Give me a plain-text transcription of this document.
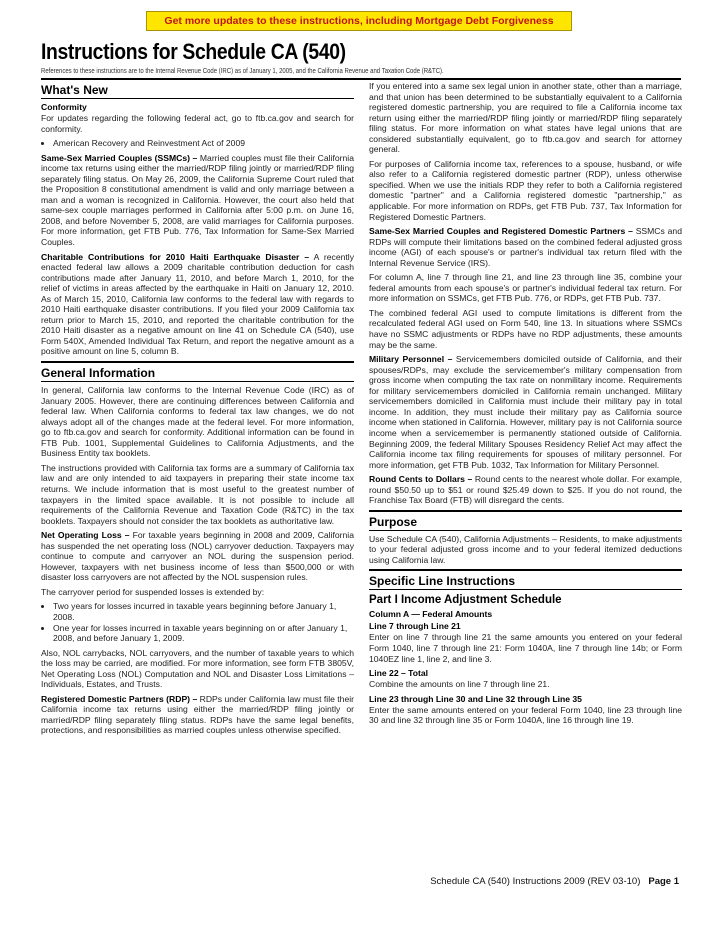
Get more updates to these instructions, including Mortgage Debt Forgiveness
Instructions for Schedule CA (540)
References to these instructions are to the Internal Revenue Code (IRC) as of January 1, 2005, and the California Revenue and Taxation Code (R&TC).
What's New
Conformity

For updates regarding the following federal act, go to ftb.ca.gov and search for conformity.

• American Recovery and Reinvestment Act of 2009

Same-Sex Married Couples (SSMCs) – Married couples must file their California income tax returns using either the married/RDP filing jointly or married/RDP filing separately filing status. On May 26, 2009, the California Supreme Court ruled that the Proposition 8 constitutional amendment is valid and only marriage between a man and a woman is recognized in California. However, the court also held that same-sex couple marriages performed in California after 5:00 p.m. on June 16, 2008, and before November 5, 2008, are valid marriages for California purposes. For more information, get FTB Pub. 776, Tax Information for Same-Sex Married Couples.

Charitable Contributions for 2010 Haiti Earthquake Disaster – A recently enacted federal law allows a 2009 charitable contribution deduction for cash contributions made after January 11, 2010, and before March 1, 2010, for the relief of victims in areas affected by the earthquake in Haiti on January 12, 2010. As of March 15, 2010, California law conforms to the federal law with regards to 2010 Haiti earthquake disaster contributions. If you filed your 2009 California tax return prior to March 15, 2010, and reported the charitable contribution for the 2010 Haiti disaster as a negative amount on line 41 on Schedule CA (540), use Form 540X, Amended Individual Tax Return, and report the negative amount as a positive amount on line 5, column B.

General Information

In general, California law conforms to the Internal Revenue Code (IRC) as of January 2005. However, there are continuing differences between California and federal law. When California conforms to federal tax law changes, we do not always adopt all of the changes made at the federal level. For more information, go to ftb.ca.gov and search for conformity. Additional information can be found in FTB Pub. 1001, Supplemental Guidelines to California Adjustments, and the Business Entity tax booklets.

The instructions provided with California tax forms are a summary of California tax law and are only intended to aid taxpayers in preparing their state income tax returns. We include information that is most useful to the greatest number of taxpayers in the limited space available. It is not possible to include all requirements of the California Revenue and Taxation Code (R&TC) in the tax booklets. Taxpayers should not consider the tax booklets as authoritative law.

Net Operating Loss – For taxable years beginning in 2008 and 2009, California has suspended the net operating loss (NOL) carryover deduction. Taxpayers may continue to compute and carryover an NOL during the suspension period. However, taxpayers with net business income of less than $500,000 or with disaster loss carryovers are not affected by the NOL suspension rules.

The carryover period for suspended losses is extended by:

• Two years for losses incurred in taxable years beginning before January 1, 2008.
• One year for losses incurred in taxable years beginning on or after January 1, 2008, and before January 1, 2009.

Also, NOL carrybacks, NOL carryovers, and the number of taxable years to which the loss may be carried, are modified. For more information, see form FTB 3805V, Net Operating Loss (NOL) Computation and NOL and Disaster Loss Limitations – Individuals, Estates, and Trusts.

Registered Domestic Partners (RDP) – RDPs under California law must file their California income tax returns using either the married/RDP filing jointly or married/RDP filing separately filing status. RDPs have the same legal benefits, protections, and responsibilities as married couples unless otherwise specified.

If you entered into a same sex legal union in another state, other than a marriage, and that union has been determined to be substantially equivalent to a California registered domestic partnership, you are required to file a California income tax return using either the married/RDP filing jointly or married/RDP filing separately filing status. For more information on what states have legal unions that are considered substantially equivalent, go to ftb.ca.gov and search for attorney general.

For purposes of California income tax, references to a spouse, husband, or wife also refer to a California registered domestic partner (RDP), unless otherwise specified. When we use the initials RDP they refer to both a California registered domestic "partner" and a California registered domestic "partnership," as applicable. For more information on RDPs, get FTB Pub. 737, Tax Information for Registered Domestic Partners.

Same-Sex Married Couples and Registered Domestic Partners – SSMCs and RDPs will compute their limitations based on the combined federal adjusted gross income (AGI) of each spouse's or partner's individual tax return filed with the Internal Revenue Service (IRS).

For column A, line 7 through line 21, and line 23 through line 35, combine your federal amounts from each spouse's or partner's individual federal tax return. For more information on SSMCs, get FTB Pub. 776, or RDPs, get FTB Pub. 737.

The combined federal AGI used to compute limitations is different from the recalculated federal AGI used on Form 540, line 13. In situations where SSMCs have no SSMC adjustments or RDPs have no RDP adjustments, these amounts may be the same.

Military Personnel – Servicemembers domiciled outside of California, and their spouses/RDPs, may exclude the servicemember's military compensation from gross income when computing the tax rate on nonmilitary income. Requirements for military servicemembers domiciled in California remain unchanged. Military servicemembers domiciled in California must include their military pay in total income. In addition, they must include their military pay as California source income when stationed in California. However, military pay is not California source income when a servicemember is permanently stationed outside of California. Beginning 2009, the federal Military Spouses Residency Relief Act may affect the California income tax filing requirements for spouses of military personnel. For more information, get FTB Pub. 1032, Tax Information for Military Personnel.

Round Cents to Dollars – Round cents to the nearest whole dollar. For example, round $50.50 up to $51 or round $25.49 down to $25. If you do not round, the Franchise Tax Board (FTB) will disregard the cents.

Purpose

Use Schedule CA (540), California Adjustments – Residents, to make adjustments to your federal adjusted gross income and to your federal itemized deductions using California law.

Specific Line Instructions
Part I Income Adjustment Schedule
Column A — Federal Amounts
Line 7 through Line 21

Enter on line 7 through line 21 the same amounts you entered on your federal Form 1040, line 7 through line 21: Form 1040A, line 7 through line 14b; or Form 1040EZ line 1, line 2, and line 3.

Line 22 – Total

Combine the amounts on line 7 through line 21.

Line 23 through Line 30 and Line 32 through Line 35

Enter the same amounts entered on your federal Form 1040, line 23 through line 30 and line 32 through line 35 or Form 1040A, line 16 through line 19.

Schedule CA (540) Instructions 2009 (REV 03-10) Page 1
